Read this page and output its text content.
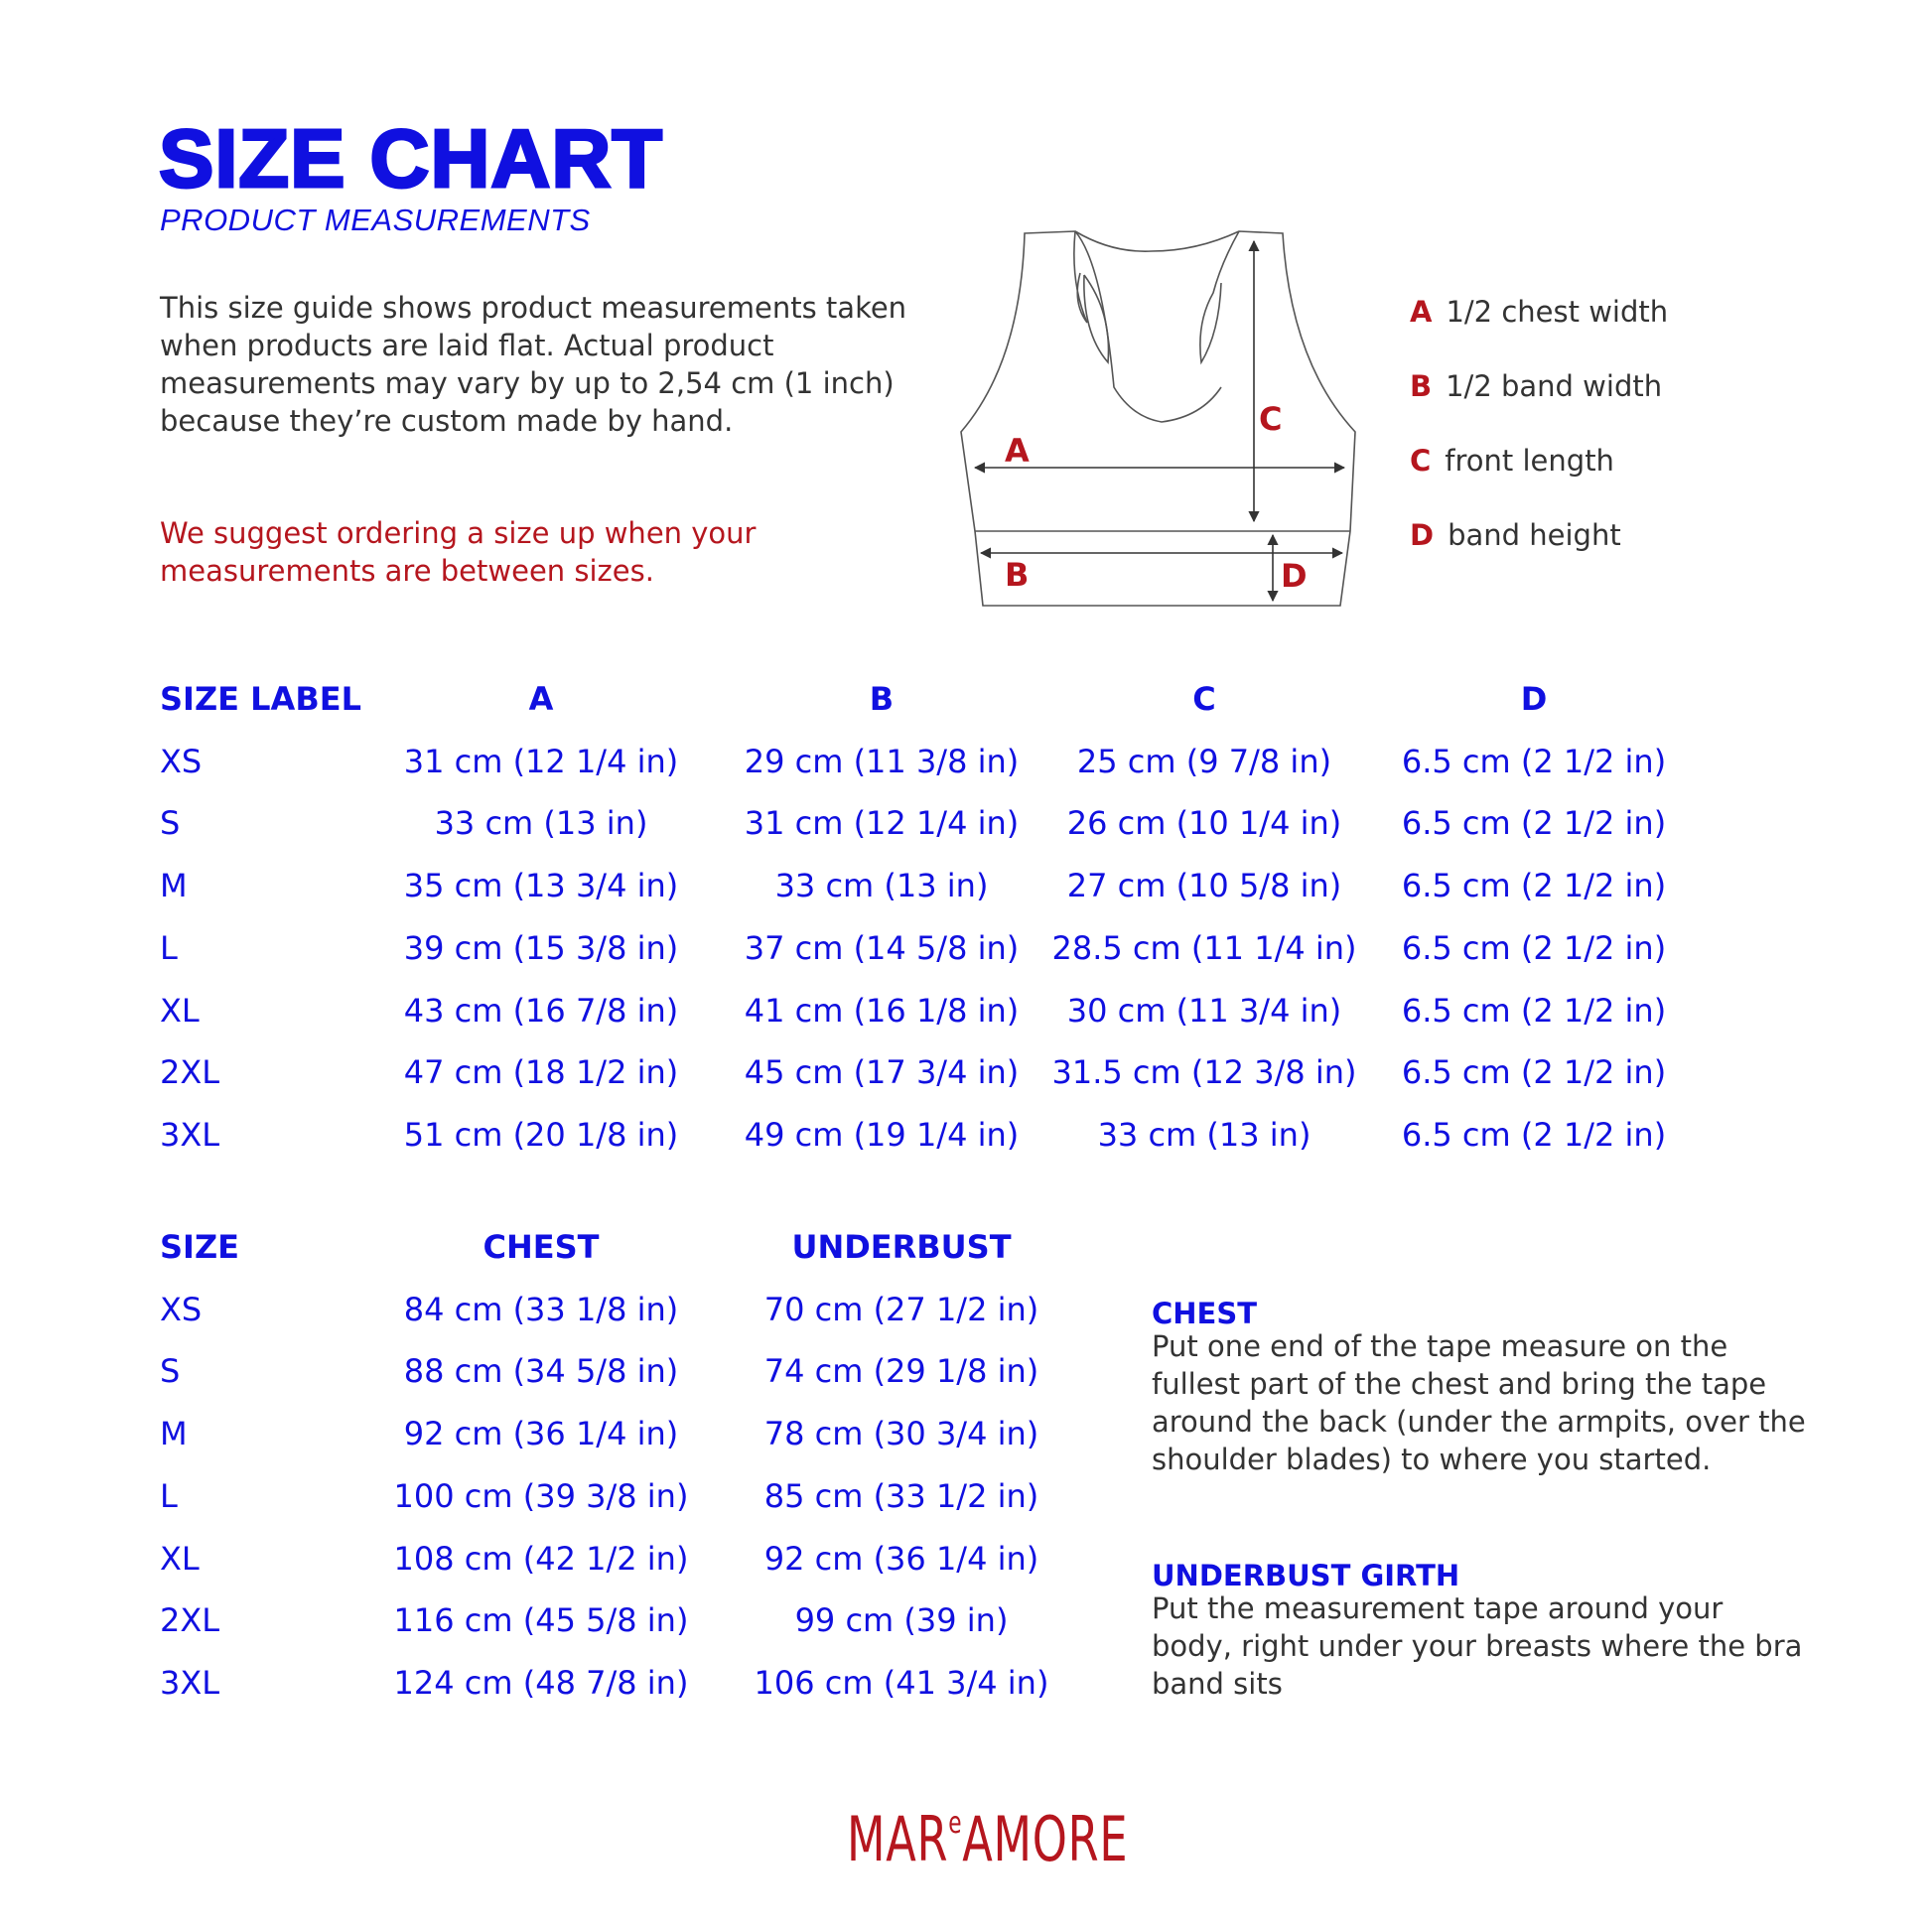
SIZE CHART
PRODUCT MEASUREMENTS

This size guide shows product measurements taken when products are laid flat. Actual product measurements may vary by up to 2,54 cm (1 inch) because they’re custom made by hand.

We suggest ordering a size up when your measurements are between sizes.

A
B
C
D
A 1/2 chest width
B 1/2 band width
C front length
D band height
SIZE LABEL	A	B	C	D
XS	31 cm (12 1/4 in) 29 cm (11 3/8 in) 25 cm (9 7/8 in) 6.5 cm (2 1/2 in)
S	33 cm (13 in)	31 cm (12 1/4 in) 26 cm (10 1/4 in) 6.5 cm (2 1/2 in)
M	35 cm (13 3/4 in)	33 cm (13 in) 27 cm (10 5/8 in) 6.5 cm (2 1/2 in)
L	39 cm (15 3/8 in) 37 cm (14 5/8 in) 28.5 cm (11 1/4 in) 6.5 cm (2 1/2 in)
XL	43 cm (16 7/8 in) 41 cm (16 1/8 in) 30 cm (11 3/4 in) 6.5 cm (2 1/2 in)
2XL	47 cm (18 1/2 in) 45 cm (17 3/4 in) 31.5 cm (12 3/8 in) 6.5 cm (2 1/2 in)
3XL	51 cm (20 1/8 in) 49 cm (19 1/4 in) 33 cm (13 in)	6.5 cm (2 1/2 in)
SIZE	CHEST	UNDERBUST
XS	84 cm (33 1/8 in)	70 cm (27 1/2 in)
S	88 cm (34 5/8 in)	74 cm (29 1/8 in)
M	92 cm (36 1/4 in)	78 cm (30 3/4 in)
L	100 cm (39 3/8 in) 85 cm (33 1/2 in)
XL	108 cm (42 1/2 in) 92 cm (36 1/4 in)
2XL	116 cm (45 5/8 in)	99 cm (39 in)
3XL	124 cm (48 7/8 in) 106 cm (41 3/4 in)
CHEST

Put one end of the tape measure on the fullest part of the chest and bring the tape around the back (under the armpits, over the shoulder blades) to where you started.

UNDERBUST GIRTH

Put the measurement tape around your body, right under your breasts where the bra band sits

MAR$^e$AMORE
